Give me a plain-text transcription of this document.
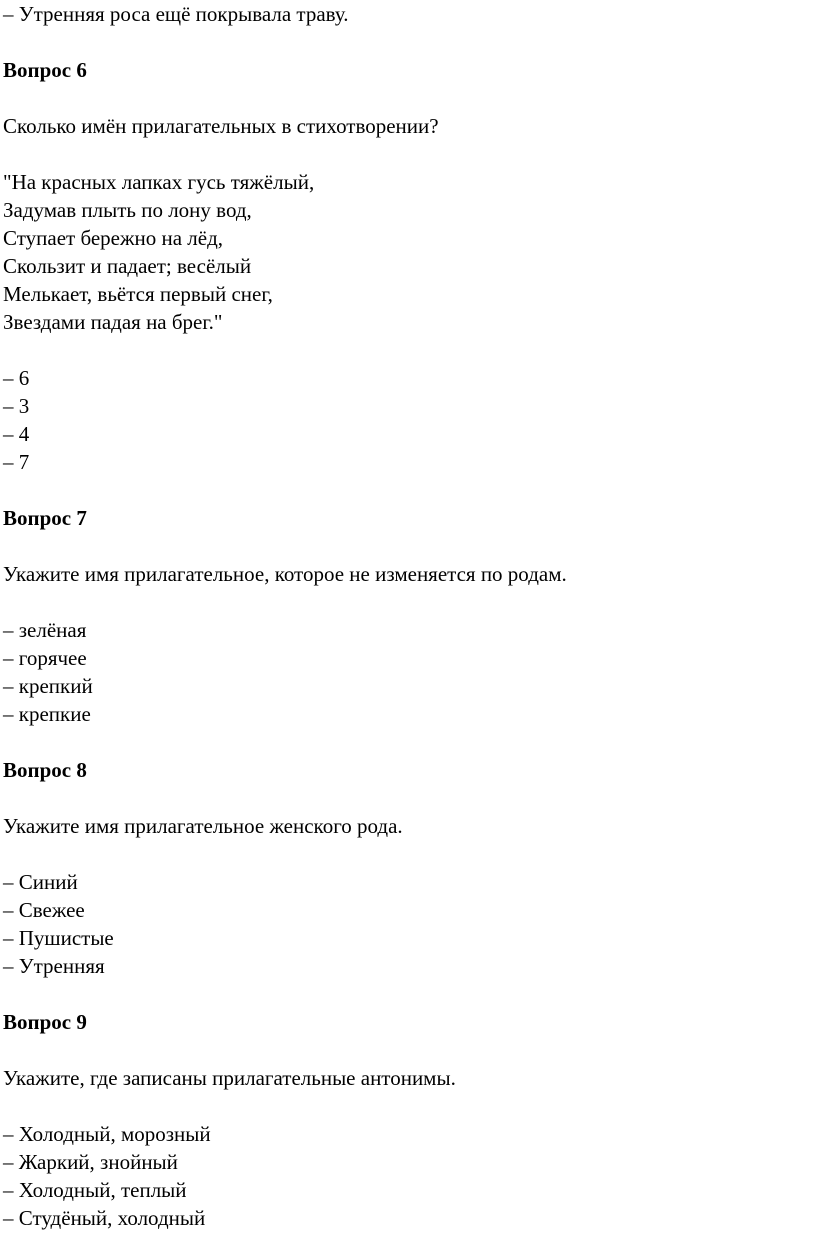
– Утренняя роса ещё покрывала траву.
Вопрос 6
Сколько имён прилагательных в стихотворении?
"На красных лапках гусь тяжёлый,
Задумав плыть по лону вод,
Ступает бережно на лёд,
Скользит и падает; весёлый
Мелькает, вьётся первый снег,
Звездами падая на брег."
– 6
– 3
– 4
– 7
Вопрос 7
Укажите имя прилагательное, которое не изменяется по родам.
– зелёная
– горячее
– крепкий
– крепкие
Вопрос 8
Укажите имя прилагательное женского рода.
– Синий
– Свежее
– Пушистые
– Утренняя
Вопрос 9
Укажите, где записаны прилагательные антонимы.
– Холодный, морозный
– Жаркий, знойный
– Холодный, теплый
– Студёный, холодный
